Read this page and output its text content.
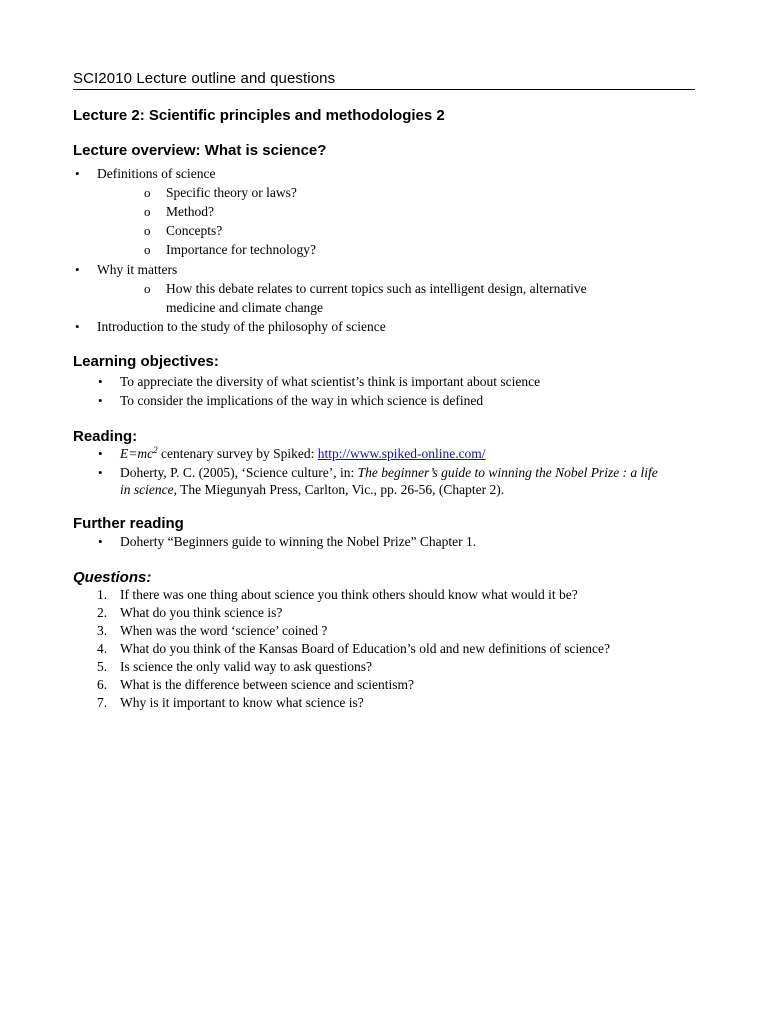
SCI2010 Lecture outline and questions
Lecture 2: Scientific principles and methodologies 2
Lecture overview: What is science?
• Definitions of science
o Specific theory or laws?
o Method?
o Concepts?
o Importance for technology?
• Why it matters
o How this debate relates to current topics such as intelligent design, alternative
medicine and climate change
• Introduction to the study of the philosophy of science
Learning objectives:
• To appreciate the diversity of what scientist’s think is important about science
• To consider the implications of the way in which science is defined
Reading:
• $E=mc^2$ centenary survey by Spiked: http://www.spiked-online.com/
• Doherty, P. C. (2005), ‘Science culture’, in: The beginner’s guide to winning the Nobel Prize : a life
in science, The Miegunyah Press, Carlton, Vic., pp. 26-56, (Chapter 2).
Further reading
• Doherty “Beginners guide to winning the Nobel Prize” Chapter 1.
Questions:
1. If there was one thing about science you think others should know what would it be?
2. What do you think science is?
3. When was the word ‘science’ coined ?
4. What do you think of the Kansas Board of Education’s old and new definitions of science?
5. Is science the only valid way to ask questions?
6. What is the difference between science and scientism?
7. Why is it important to know what science is?
